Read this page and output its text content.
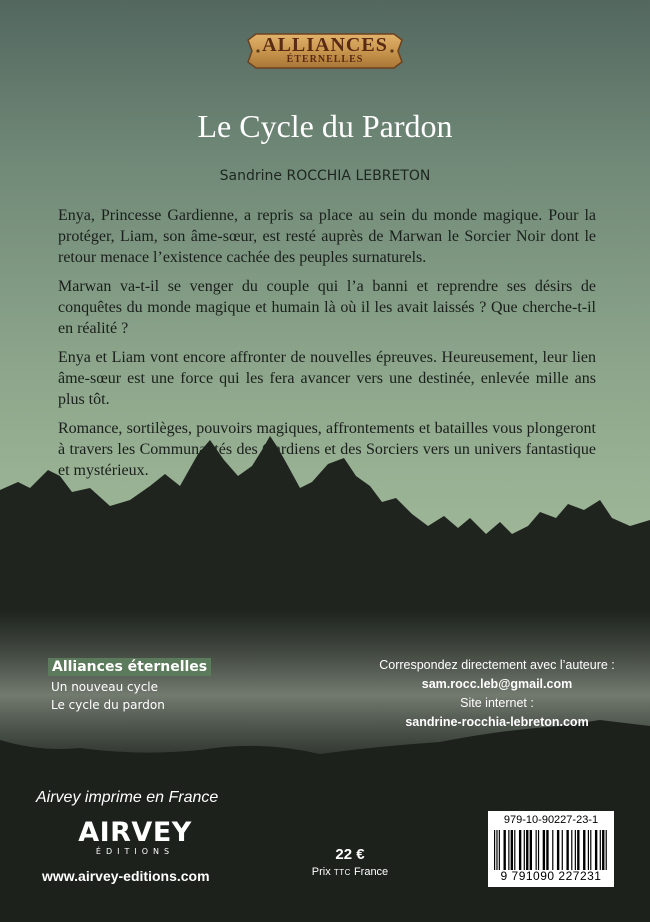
ALLIANCES
ÉTERNELLES
Le Cycle du Pardon
Sandrine ROCCHIA LEBRETON

Enya, Princesse Gardienne, a repris sa place au sein du monde magique. Pour la protéger, Liam, son âme-sœur, est resté auprès de Marwan le Sorcier Noir dont le retour menace l’existence cachée des peuples surnaturels.

Marwan va-t-il se venger du couple qui l’a banni et reprendre ses désirs de conquêtes du monde magique et humain là où il les avait laissés ? Que cherche-t-il en réalité ?

Enya et Liam vont encore affronter de nouvelles épreuves. Heureusement, leur lien âme-sœur est une force qui les fera avancer vers une destinée, enlevée mille ans plus tôt.

Romance, sortilèges, pouvoirs magiques, affrontements et batailles vous plongeront à travers les Communautés des Gardiens et des Sorciers vers un univers fantastique et mystérieux.

Alliances éternelles
Un nouveau cycle
Le cycle du pardon
Correspondez directement avec l’auteure :
sam.rocc.leb@gmail.com
Site internet :
sandrine-rocchia-lebreton.com
Airvey imprime en France
AIRVEY
ÉDITIONS
www.airvey-editions.com
22 €
Prix TTC France
979-10-90227-23-1
9 791090 227231
